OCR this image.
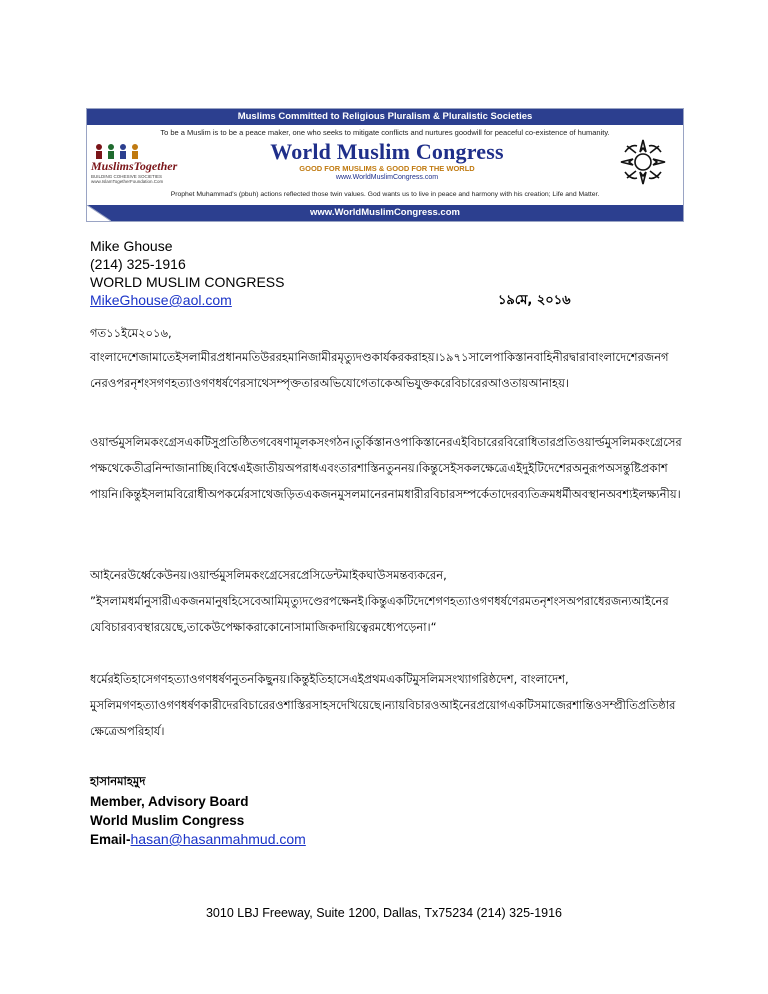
Muslims Committed to Religious Pluralism & Pluralistic Societies
To be a Muslim is to be a peace maker, one who seeks to mitigate conflicts and nurtures goodwill for peaceful co-existence of humanity.
MuslimsTogether
BUILDING COHESIVE SOCIETIES
www.IslamTogetherFoundation.Com
World Muslim Congress
GOOD FOR MUSLIMS & GOOD FOR THE WORLD
www.WorldMuslimCongress.com
Prophet Muhammad's (pbuh) actions reflected those twin values. God wants us to live in peace and harmony with his creation; Life and Matter.
www.WorldMuslimCongress.com
Mike Ghouse
(214) 325-1916
WORLD MUSLIM CONGRESS
MikeGhouse@aol.com	১৯মে, ২০১৬
গত১১ইমে২০১৬,
বাংলাদেশেজামাতেইসলামীরপ্রধানমতিউররহমানিজামীরমৃত্যুদণ্ডকার্যকরকরাহয়।১৯৭১সালেপাকিস্তানবাহিনীরদ্বারাবাংলাদেশেরজনগনেরওপরনৃশংসগণহত্যাওগণধর্ষণেরসাথেসম্পৃক্ততারঅভিযোগেতাকেঅভিযুক্তকরেবিচারেরআওতায়আনাহয়।
ওয়ার্ল্ডমুসলিমকংগ্রেসএকটিসুপ্রতিষ্ঠিতগবেষণামূলকসংগঠন।তুর্কিস্তানওপাকিস্তানেরএইবিচারেরবিরোধিতারপ্রতিওয়ার্ল্ডমুসলিমকংগ্রেসেরপক্ষথেকেতীব্রনিন্দাজানাচ্ছি।বিশ্বেএইজাতীয়অপরাধএবংতারশাস্তিনতুননয়।কিন্তুসেইসকলক্ষেত্রেএইদুইটিদেশেরঅনুরূপঅসন্তুষ্টিপ্রকাশপায়নি।কিন্তুইসলামবিরোধীঅপকর্মেরসাথেজড়িতএকজনমুসলমানেরনামধারীরবিচারসম্পর্কেতাদেরব্যতিক্রমধর্মীঅবস্থানঅবশ্যইলক্ষ্যনীয়।
আইনেরউর্ধ্বেকেউনয়।ওয়ার্ল্ডমুসলিমকংগ্রেসেরপ্রেসিডেন্টমাইকঘাউসমন্তব্যকরেন,
”ইসলামধর্মানুসারীএকজনমানুষহিসেবেআমিমৃত্যুদণ্ডেরপক্ষেনই।কিন্তুএকটিদেশেগণহত্যাওগণধর্ষণেরমতনৃশংসঅপরাধেরজন্যআইনেরযেবিচারব্যবস্থারয়েছে,তাকেউপেক্ষাকরাকোনোসামাজিকদায়িত্বেরমধ্যেপড়েনা।“
ধর্মেরইতিহাসেগণহত্যাওগণধর্ষণনুতনকিছুনয়।কিন্তুইতিহাসেএইপ্রথমএকটিমুসলিমসংখ্যাগরিষ্ঠদেশ, বাংলাদেশ,
মুসলিমগণহত্যাওগণধর্ষণকারীদেরবিচারেরওশাস্তিরসাহসদেখিয়েছে।ন্যায়বিচারওআইনেরপ্রয়োগএকটিসমাজেরশান্তিওসম্প্রীতিপ্রতিষ্ঠারক্ষেত্রেঅপরিহার্য।
হাসানমাহমুদ
Member, Advisory Board
World Muslim Congress
Email-hasan@hasanmahmud.com
3010 LBJ Freeway, Suite 1200, Dallas, Tx75234 (214) 325-1916
